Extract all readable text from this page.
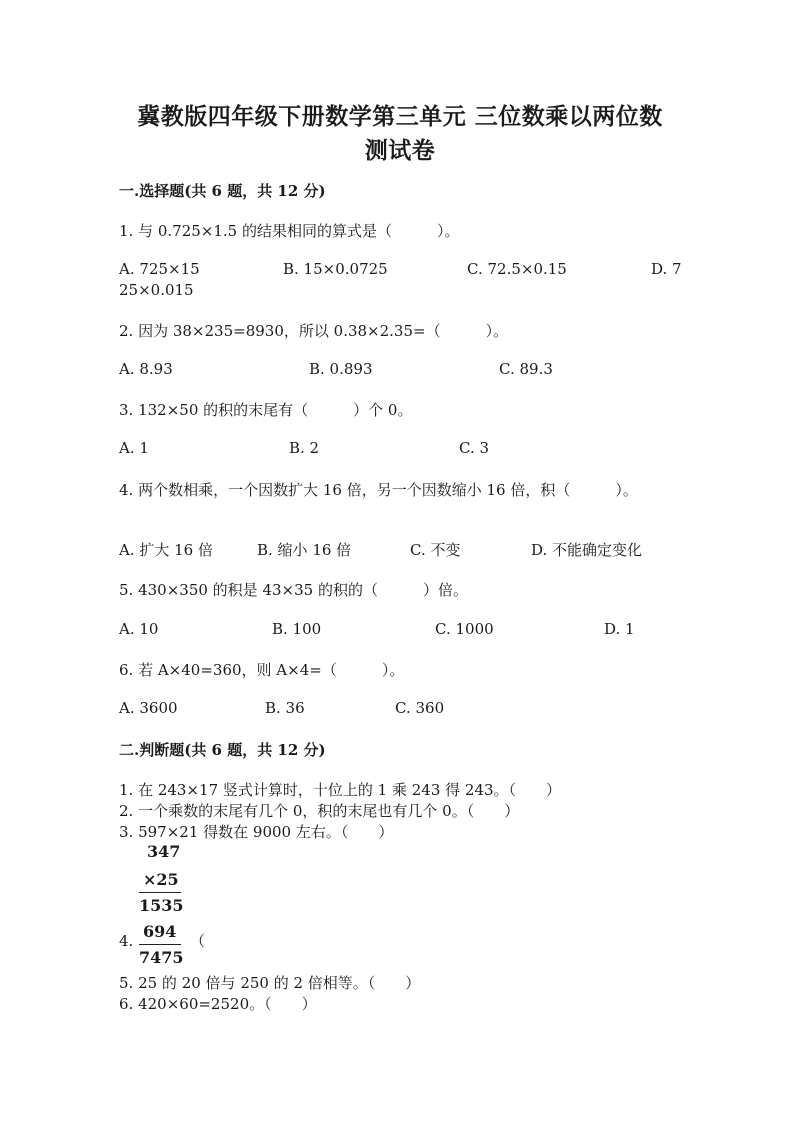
冀教版四年级下册数学第三单元 三位数乘以两位数
测试卷
一.选择题(共 6 题，共 12 分)
1. 与 0.725×1.5 的结果相同的算式是（　　　）。
A. 725×15	B. 15×0.0725	C. 72.5×0.15	D. 7
25×0.015
2. 因为 38×235=8930，所以 0.38×2.35=（　　　）。
A. 8.93	B. 0.893	C. 89.3
3. 132×50 的积的末尾有（　　　）个 0。
A. 1	B. 2	C. 3
4. 两个数相乘，一个因数扩大 16 倍，另一个因数缩小 16 倍，积（　　　）。
A. 扩大 16 倍	B. 缩小 16 倍	C. 不变	D. 不能确定变化
5. 430×350 的积是 43×35 的积的（　　　）倍。
A. 10	B. 100	C. 1000	D. 1
6. 若 A×40=360，则 A×4=（　　　）。
A. 3600	B. 36	C. 360
二.判断题(共 6 题，共 12 分)
1. 在 243×17 竖式计算时，十位上的 1 乘 243 得 243。（　　）
2. 一个乘数的末尾有几个 0，积的末尾也有几个 0。（　　）
3. 597×21 得数在 9000 左右。（　　）
347
×25
1535
4. 694
7475
（
5. 25 的 20 倍与 250 的 2 倍相等。（　　）
6. 420×60=2520。（　　）
